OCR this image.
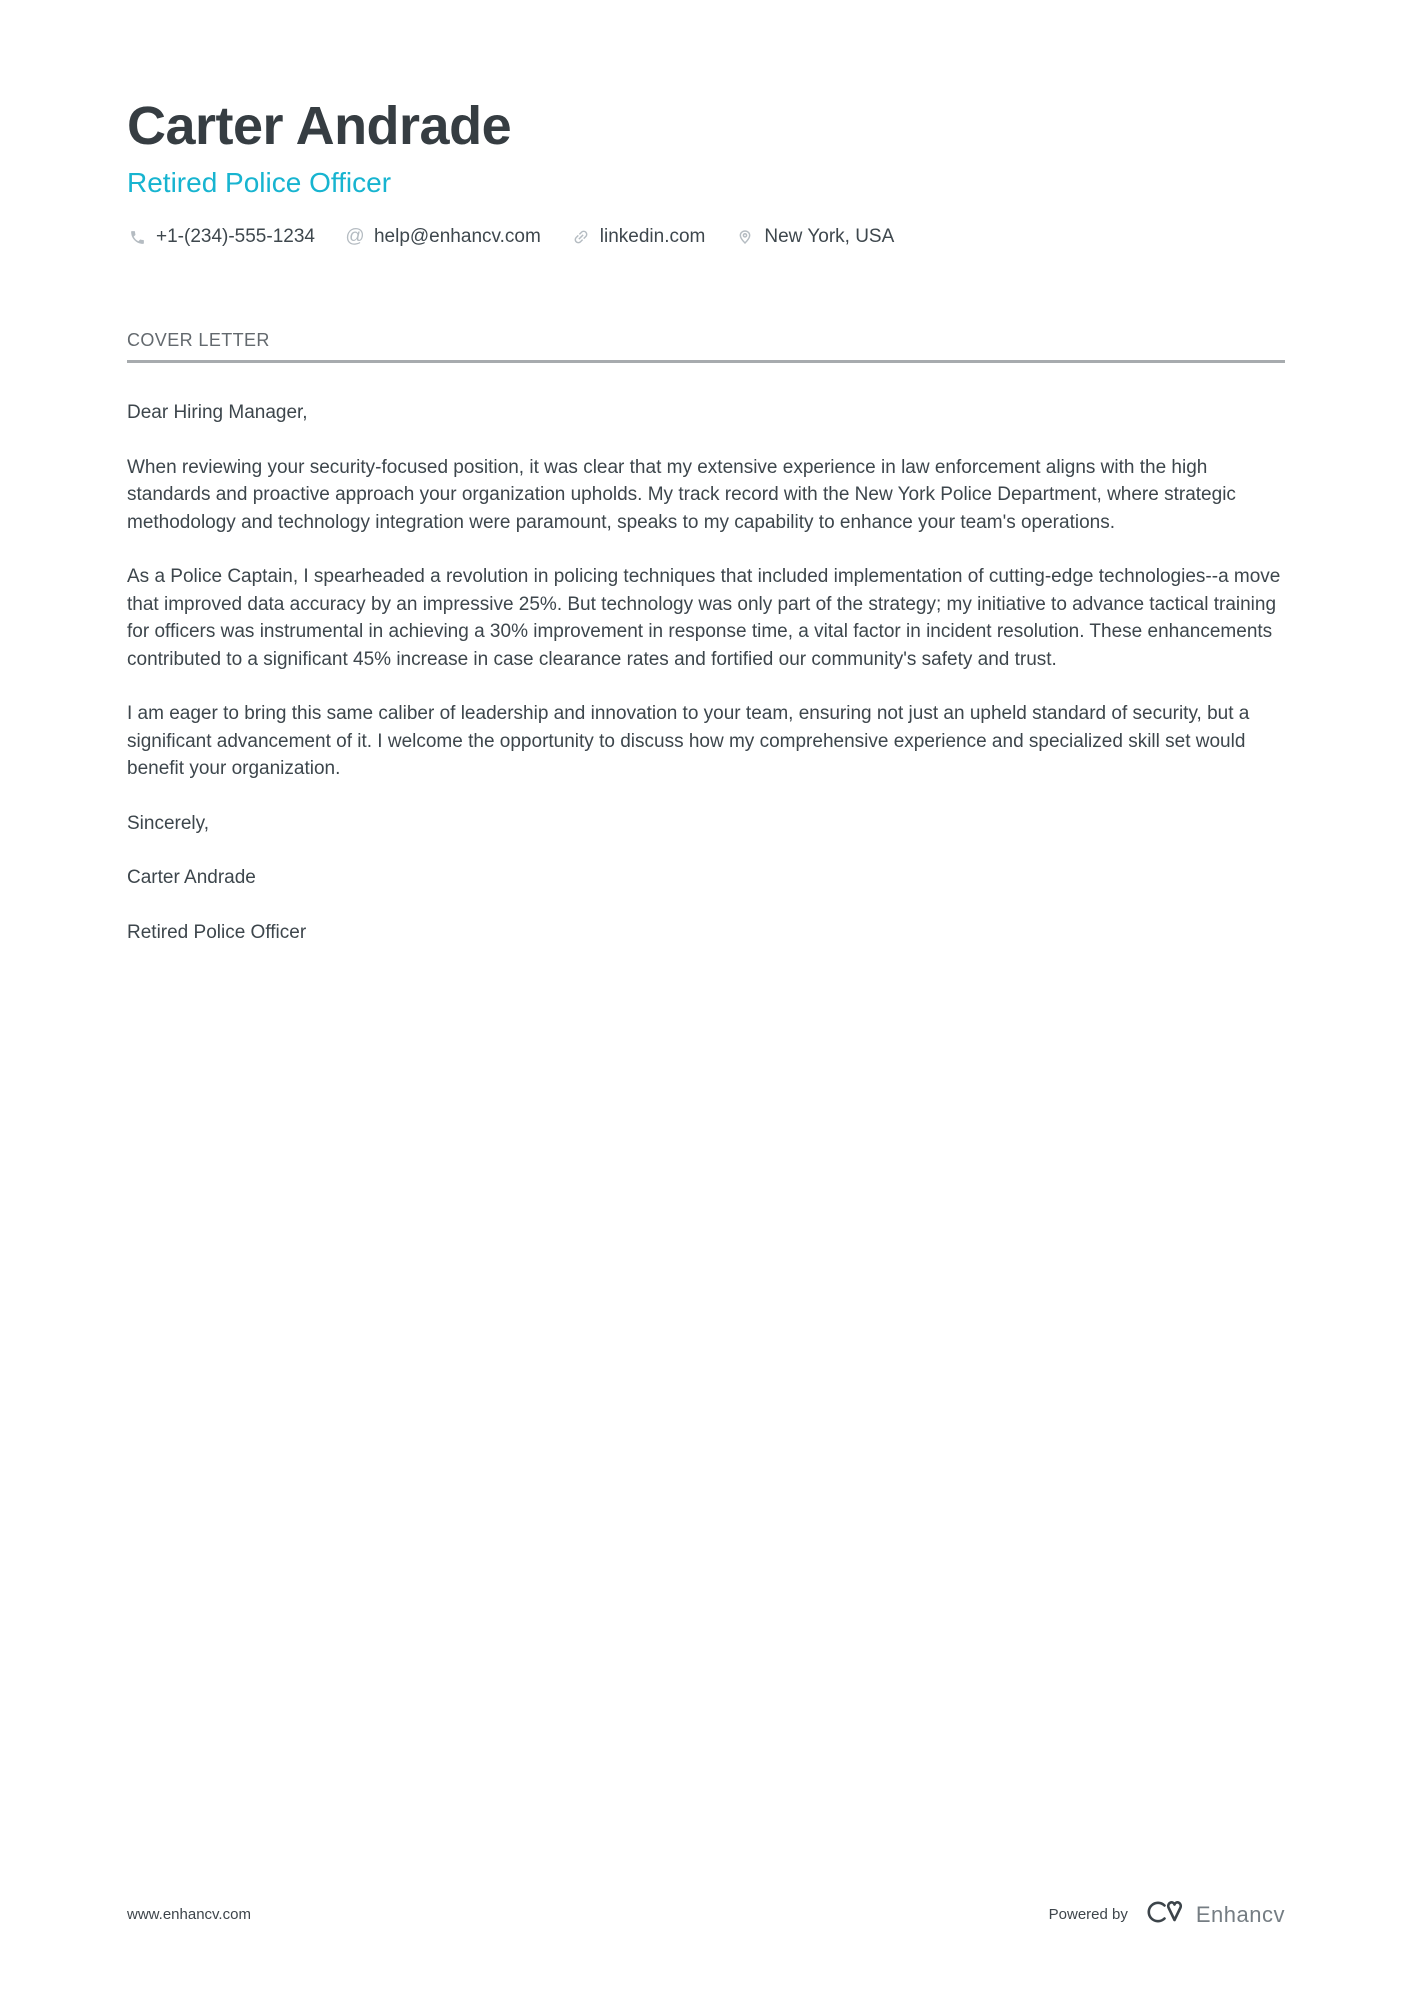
Carter Andrade
Retired Police Officer
+1-(234)-555-1234 @ help@enhancv.com	linkedin.com	New York, USA
COVER LETTER

Dear Hiring Manager,

When reviewing your security-focused position, it was clear that my extensive experience in law enforcement aligns with the high standards and proactive approach your organization upholds. My track record with the New York Police Department, where strategic methodology and technology integration were paramount, speaks to my capability to enhance your team's operations.

As a Police Captain, I spearheaded a revolution in policing techniques that included implementation of cutting-edge technologies--a move that improved data accuracy by an impressive 25%. But technology was only part of the strategy; my initiative to advance tactical training for officers was instrumental in achieving a 30% improvement in response time, a vital factor in incident resolution. These enhancements contributed to a significant 45% increase in case clearance rates and fortified our community's safety and trust.

I am eager to bring this same caliber of leadership and innovation to your team, ensuring not just an upheld standard of security, but a significant advancement of it. I welcome the opportunity to discuss how my comprehensive experience and specialized skill set would benefit your organization.

Sincerely,

Carter Andrade

Retired Police Officer

www.enhancv.com	Powered by	Enhancv
